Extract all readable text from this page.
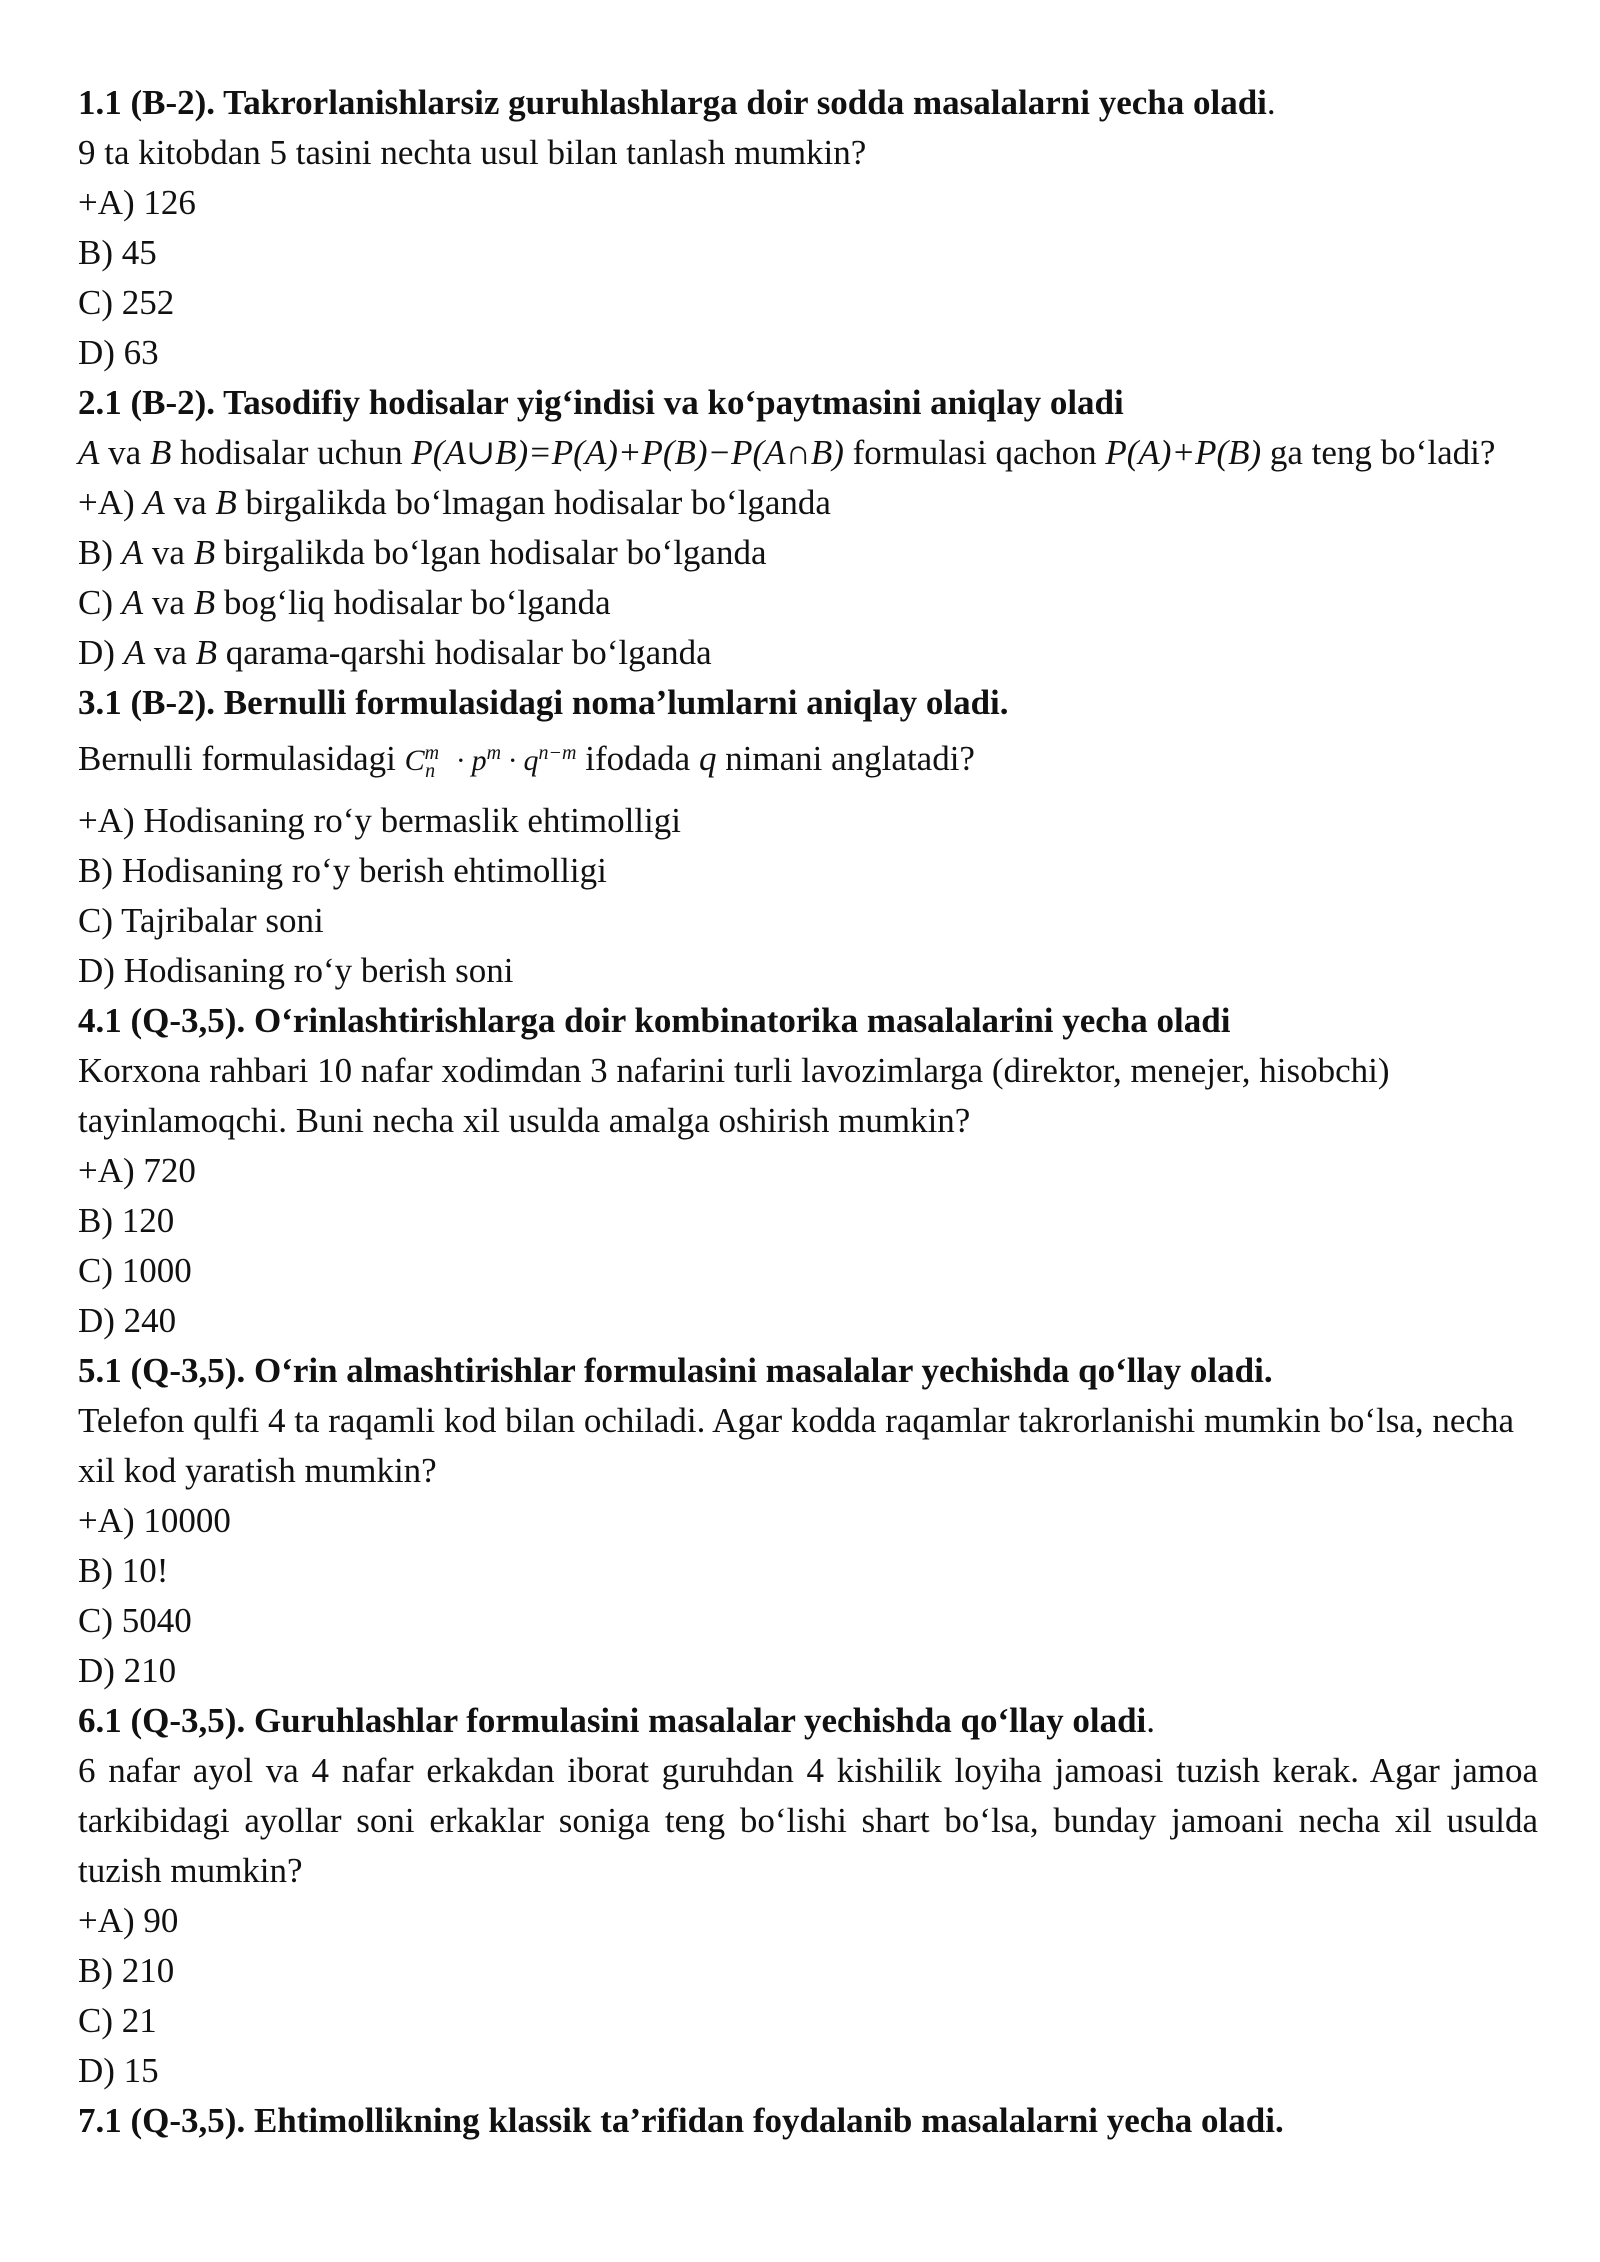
1.1 (B-2). Takrorlanishlarsiz guruhlashlarga doir sodda masalalarni yecha oladi.

9 ta kitobdan 5 tasini nechta usul bilan tanlash mumkin?

+A) 126

B) 45

C) 252

D) 63

2.1 (B-2). Tasodifiy hodisalar yig‘indisi va ko‘paytmasini aniqlay oladi

A va B hodisalar uchun P(A∪B)=P(A)+P(B)−P(A∩B) formulasi qachon P(A)+P(B) ga teng bo‘ladi?

+A) A va B birgalikda bo‘lmagan hodisalar bo‘lganda

B) A va B birgalikda bo‘lgan hodisalar bo‘lganda

C) A va B bog‘liq hodisalar bo‘lganda

D) A va B qarama-qarshi hodisalar bo‘lganda

3.1 (B-2). Bernulli formulasidagi noma’lumlarni aniqlay oladi.

Bernulli formulasidagi $C^m_n \cdot p^m \cdot q^{n-m}$ ifodada q nimani anglatadi?

+A) Hodisaning ro‘y bermaslik ehtimolligi

B) Hodisaning ro‘y berish ehtimolligi

C) Tajribalar soni

D) Hodisaning ro‘y berish soni

4.1 (Q-3,5). O‘rinlashtirishlarga doir kombinatorika masalalarini yecha oladi

Korxona rahbari 10 nafar xodimdan 3 nafarini turli lavozimlarga (direktor, menejer, hisobchi) tayinlamoqchi. Buni necha xil usulda amalga oshirish mumkin?

+A) 720

B) 120

C) 1000

D) 240

5.1 (Q-3,5). O‘rin almashtirishlar formulasini masalalar yechishda qo‘llay oladi.

Telefon qulfi 4 ta raqamli kod bilan ochiladi. Agar kodda raqamlar takrorlanishi mumkin bo‘lsa, necha xil kod yaratish mumkin?

+A) 10000

B) 10!

C) 5040

D) 210

6.1 (Q-3,5). Guruhlashlar formulasini masalalar yechishda qo‘llay oladi.

6 nafar ayol va 4 nafar erkakdan iborat guruhdan 4 kishilik loyiha jamoasi tuzish kerak. Agar jamoa tarkibidagi ayollar soni erkaklar soniga teng bo‘lishi shart bo‘lsa, bunday jamoani necha xil usulda tuzish mumkin?

+A) 90

B) 210

C) 21

D) 15

7.1 (Q-3,5). Ehtimollikning klassik ta’rifidan foydalanib masalalarni yecha oladi.
